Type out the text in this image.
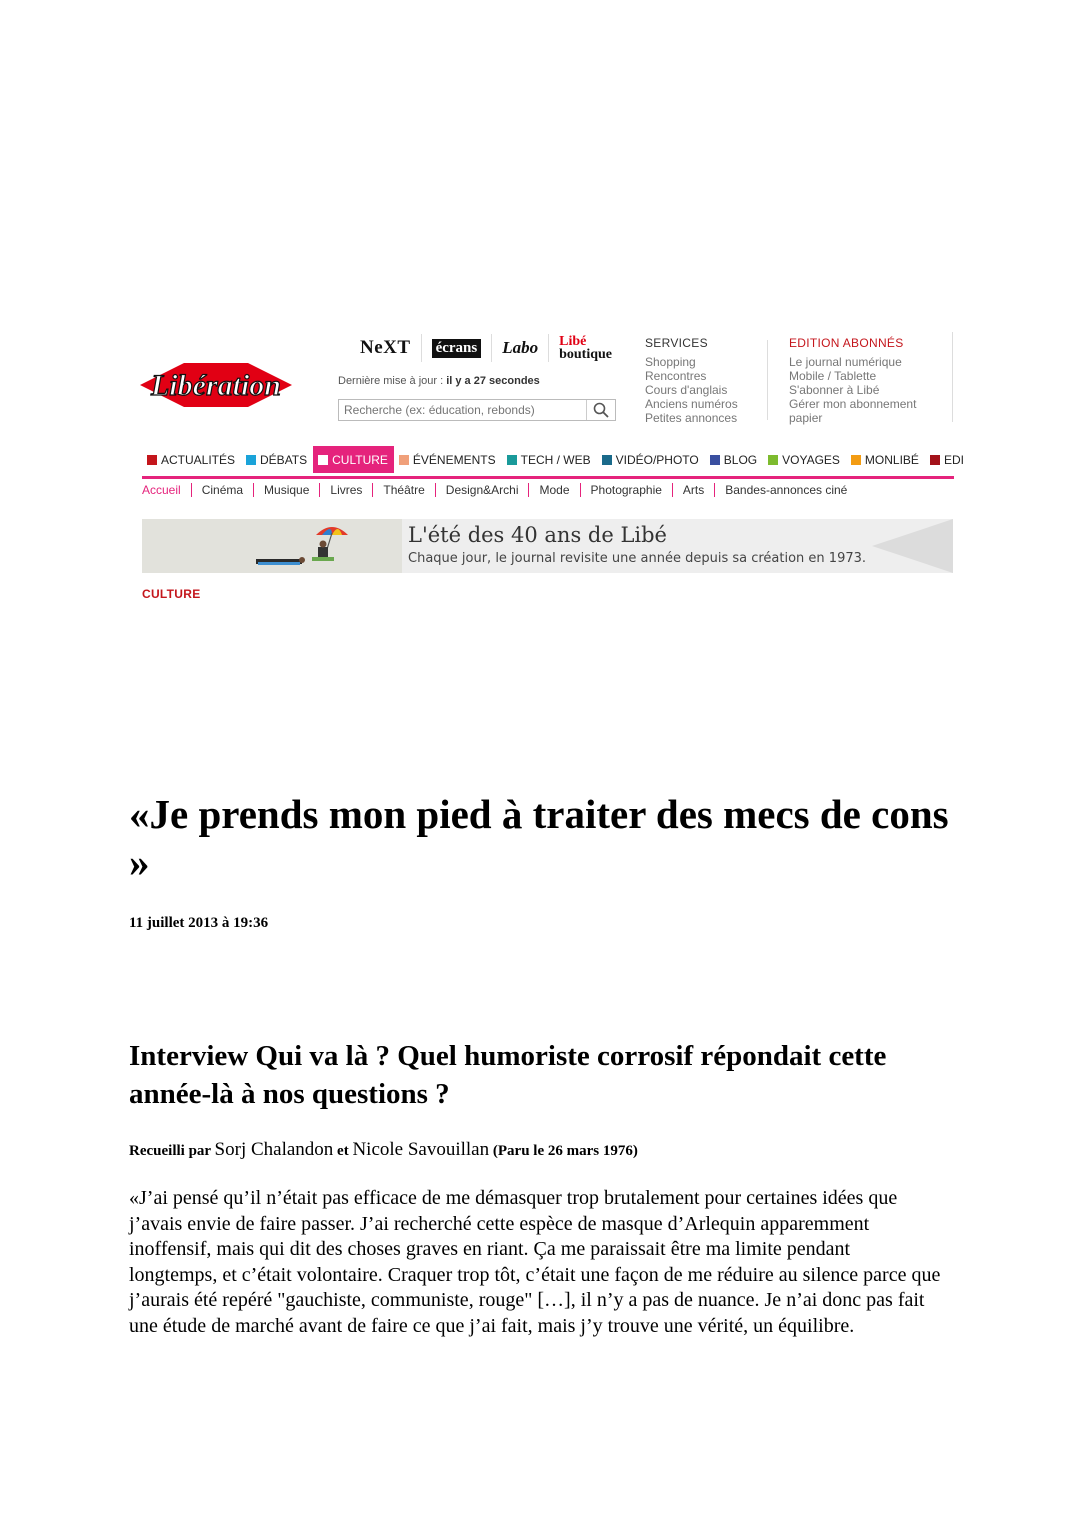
Libération
NeXT écrans Labo Libé
boutique
Dernière mise à jour : il y a 27 secondes
Recherche (ex: éducation, rebonds)
SERVICES
Shopping
Rencontres
Cours d'anglais
Anciens numéros
Petites annonces
EDITION ABONNÉS
Le journal numérique
Mobile / Tablette
S'abonner à Libé
Gérer mon abonnement
papier
ACTUALITÉS DÉBATS CULTURE ÉVÉNEMENTS TECH / WEB VIDÉO/PHOTO BLOG VOYAGES MONLIBÉ EDI
Accueil	Cinéma	Musique	Livres	Théâtre	Design&Archi	Mode	Photographie	Arts	Bandes-annonces ciné
L'été des 40 ans de Libé
Chaque jour, le journal revisite une année depuis sa création en 1973.
CULTURE
«Je prends mon pied à traiter des mecs de cons »
11 juillet 2013 à 19:36
Interview Qui va là ? Quel humoriste corrosif répondait cette année-là à nos questions ?
Recueilli par Sorj Chalandon et Nicole Savouillan (Paru le 26 mars 1976)

«J’ai pensé qu’il n’était pas efficace de me démasquer trop brutalement pour certaines idées que j’avais envie de faire passer. J’ai recherché cette espèce de masque d’Arlequin apparemment inoffensif, mais qui dit des choses graves en riant. Ça me paraissait être ma limite pendant longtemps, et c’était volontaire. Craquer trop tôt, c’était une façon de me réduire au silence parce que j’aurais été repéré "gauchiste, communiste, rouge" […], il n’y a pas de nuance. Je n’ai donc pas fait une étude de marché avant de faire ce que j’ai fait, mais j’y trouve une vérité, un équilibre.
